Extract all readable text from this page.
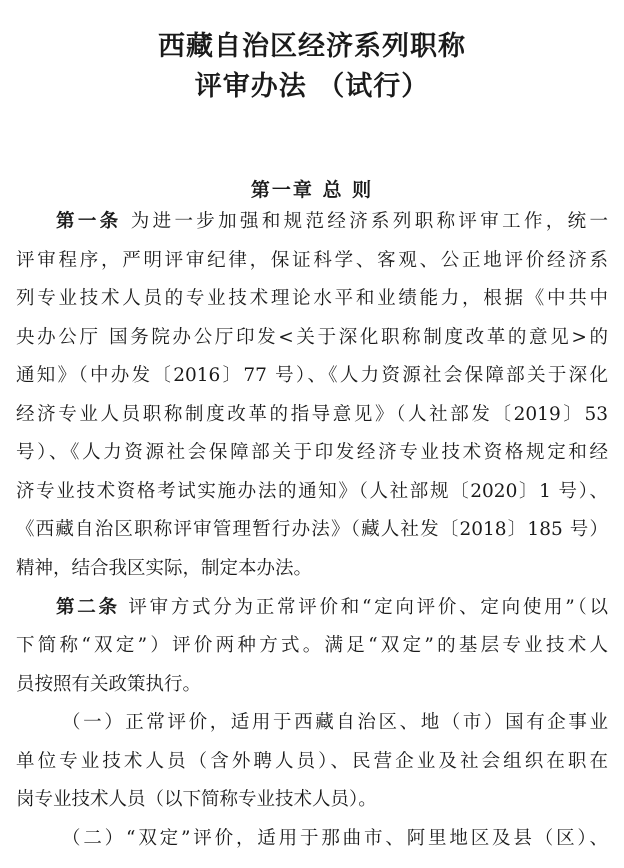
西藏自治区经济系列职称
评审办法 （试行）
第一章 总 则
第一条 为进一步加强和规范经济系列职称评审工作，统一
评审程序，严明评审纪律，保证科学、客观、公正地评价经济系
列专业技术人员的专业技术理论水平和业绩能力，根据《中共中
央办公厅 国务院办公厅印发<关于深化职称制度改革的意见>的
通知》（中办发〔2016〕77 号）、《人力资源社会保障部关于深化
经济专业人员职称制度改革的指导意见》（人社部发〔2019〕53
号）、《人力资源社会保障部关于印发经济专业技术资格规定和经
济专业技术资格考试实施办法的通知》（人社部规〔2020〕1 号）、
《西藏自治区职称评审管理暂行办法》（藏人社发〔2018〕185 号）
精神，结合我区实际，制定本办法。
第二条 评审方式分为正常评价和“定向评价、定向使用”（以
下简称“双定”）评价两种方式。满足“双定”的基层专业技术人
员按照有关政策执行。
（一）正常评价，适用于西藏自治区、地（市）国有企事业
单位专业技术人员（含外聘人员）、民营企业及社会组织在职在
岗专业技术人员（以下简称专业技术人员）。
（二）“双定”评价，适用于那曲市、阿里地区及县（区）、
